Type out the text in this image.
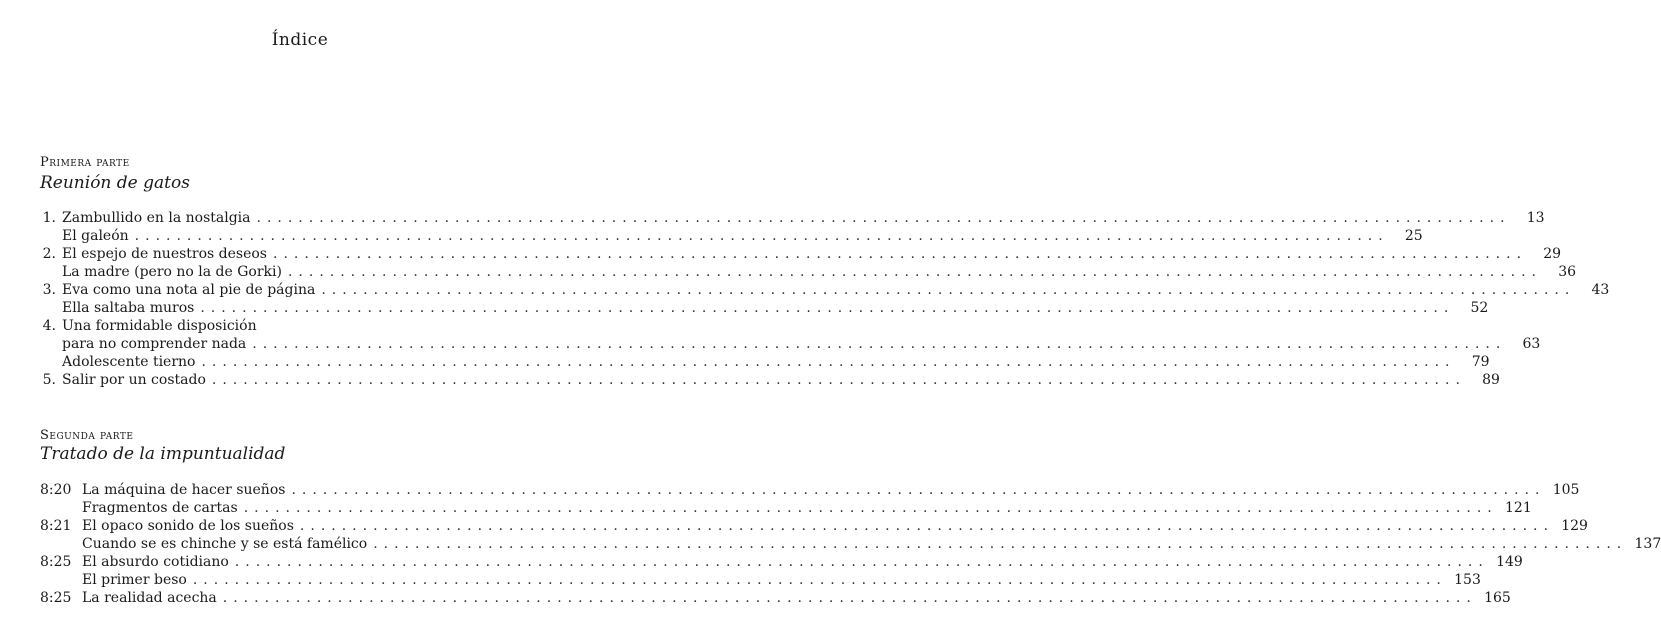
Índice
Primera parte
Reunión de gatos
1. Zambullido en la nostalgia ........................................................................................................................	13
El galeón ........................................................................................................................	25
2. El espejo de nuestros deseos ........................................................................................................................	29
La madre (pero no la de Gorki) ........................................................................................................................	36
3. Eva como una nota al pie de página ........................................................................................................................	43
Ella saltaba muros ........................................................................................................................	52
4. Una formidable disposición
para no comprender nada ........................................................................................................................	63
Adolescente tierno ........................................................................................................................	79
5. Salir por un costado ........................................................................................................................	89
Segunda parte
Tratado de la impuntualidad
8:20 La máquina de hacer sueños ........................................................................................................................ 105
Fragmentos de cartas ........................................................................................................................ 121
8:21 El opaco sonido de los sueños ........................................................................................................................ 129
Cuando se es chinche y se está famélico ........................................................................................................................ 137
8:25 El absurdo cotidiano ........................................................................................................................ 149
El primer beso ........................................................................................................................ 153
8:25 La realidad acecha ........................................................................................................................ 165
